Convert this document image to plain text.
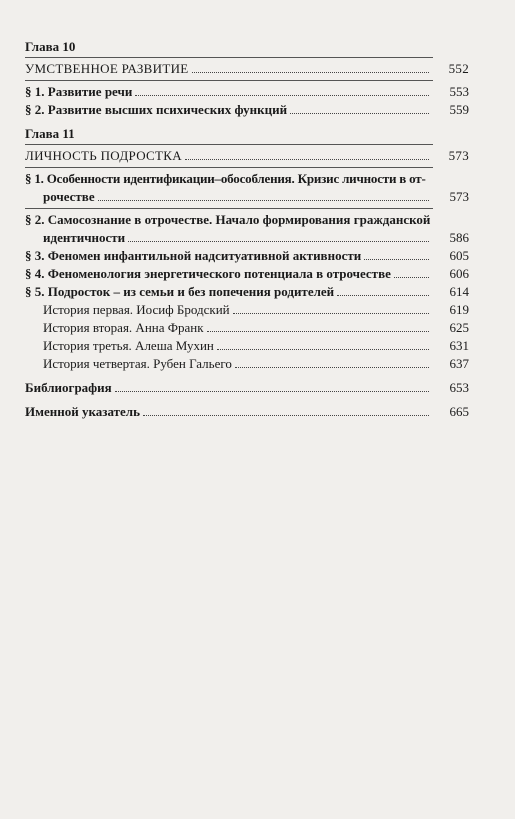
Глава 10
УМСТВЕННОЕ РАЗВИТИЕ	552
§ 1. Развитие речи	553
§ 2. Развитие высших психических функций	559
Глава 11
ЛИЧНОСТЬ ПОДРОСТКА	573
§ 1. Особенности идентификации–обособления. Кризис личности в от-
рочестве	573
§ 2. Самосознание в отрочестве. Начало формирования гражданской
идентичности	586
§ 3. Феномен инфантильной надситуативной активности	605
§ 4. Феноменология энергетического потенциала в отрочестве	606
§ 5. Подросток – из семьи и без попечения родителей	614
История первая. Иосиф Бродский	619
История вторая. Анна Франк	625
История третья. Алеша Мухин	631
История четвертая. Рубен Гальего	637
Библиография	653
Именной указатель	665
